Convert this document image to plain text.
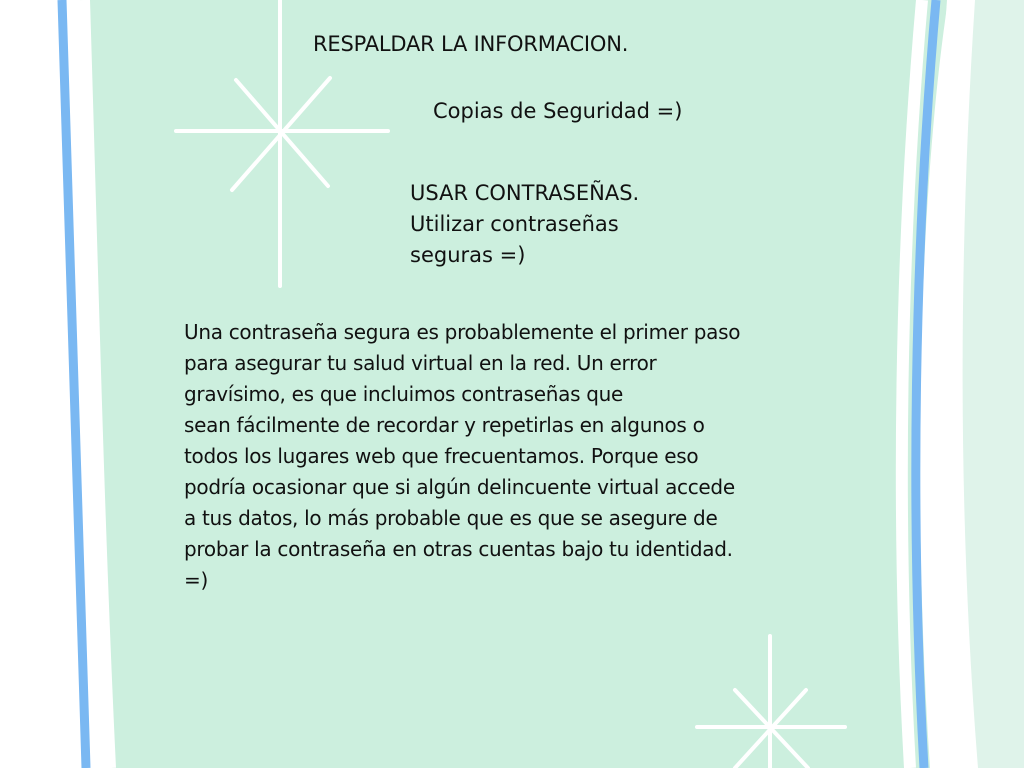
RESPALDAR LA INFORMACION.
Copias de Seguridad =)
USAR CONTRASEÑAS.
Utilizar contraseñas
seguras =)
Una contraseña segura es probablemente el primer paso
para asegurar tu salud virtual en la red. Un error
gravísimo, es que incluimos contraseñas que
sean fácilmente de recordar y repetirlas en algunos o
todos los lugares web que frecuentamos. Porque eso
podría ocasionar que si algún delincuente virtual accede
a tus datos, lo más probable que es que se asegure de
probar la contraseña en otras cuentas bajo tu identidad.
=)
